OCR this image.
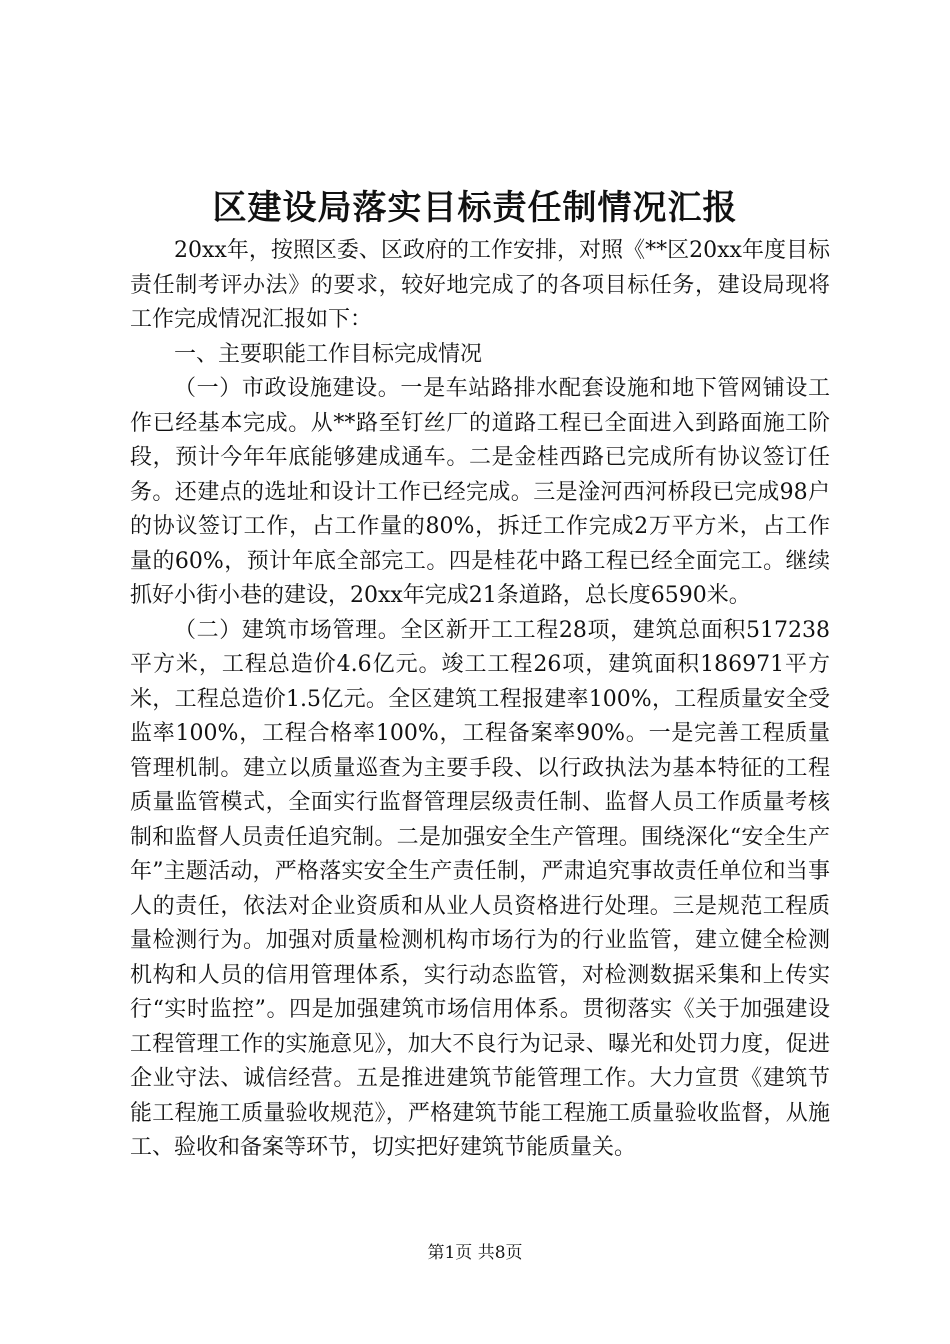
区建设局落实目标责任制情况汇报

20xx年，按照区委、区政府的工作安排，对照《**区20xx年度目标责任制考评办法》的要求，较好地完成了的各项目标任务，建设局现将工作完成情况汇报如下：

一、主要职能工作目标完成情况

（一）市政设施建设。一是车站路排水配套设施和地下管网铺设工作已经基本完成。从**路至钉丝厂的道路工程已全面进入到路面施工阶段，预计今年年底能够建成通车。二是金桂西路已完成所有协议签订任务。还建点的选址和设计工作已经完成。三是淦河西河桥段已完成98户的协议签订工作，占工作量的80%，拆迁工作完成2万平方米，占工作量的60%，预计年底全部完工。四是桂花中路工程已经全面完工。继续抓好小街小巷的建设，20xx年完成21条道路，总长度6590米。

（二）建筑市场管理。全区新开工工程28项，建筑总面积517238平方米，工程总造价4.6亿元。竣工工程26项，建筑面积186971平方米，工程总造价1.5亿元。全区建筑工程报建率100%，工程质量安全受监率100%，工程合格率100%，工程备案率90%。一是完善工程质量管理机制。建立以质量巡查为主要手段、以行政执法为基本特征的工程质量监管模式，全面实行监督管理层级责任制、监督人员工作质量考核制和监督人员责任追究制。二是加强安全生产管理。围绕深化“安全生产年”主题活动，严格落实安全生产责任制，严肃追究事故责任单位和当事人的责任，依法对企业资质和从业人员资格进行处理。三是规范工程质量检测行为。加强对质量检测机构市场行为的行业监管，建立健全检测机构和人员的信用管理体系，实行动态监管，对检测数据采集和上传实行“实时监控”。四是加强建筑市场信用体系。贯彻落实《关于加强建设工程管理工作的实施意见》，加大不良行为记录、曝光和处罚力度，促进企业守法、诚信经营。五是推进建筑节能管理工作。大力宣贯《建筑节能工程施工质量验收规范》，严格建筑节能工程施工质量验收监督，从施工、验收和备案等环节，切实把好建筑节能质量关。

第1页 共8页
